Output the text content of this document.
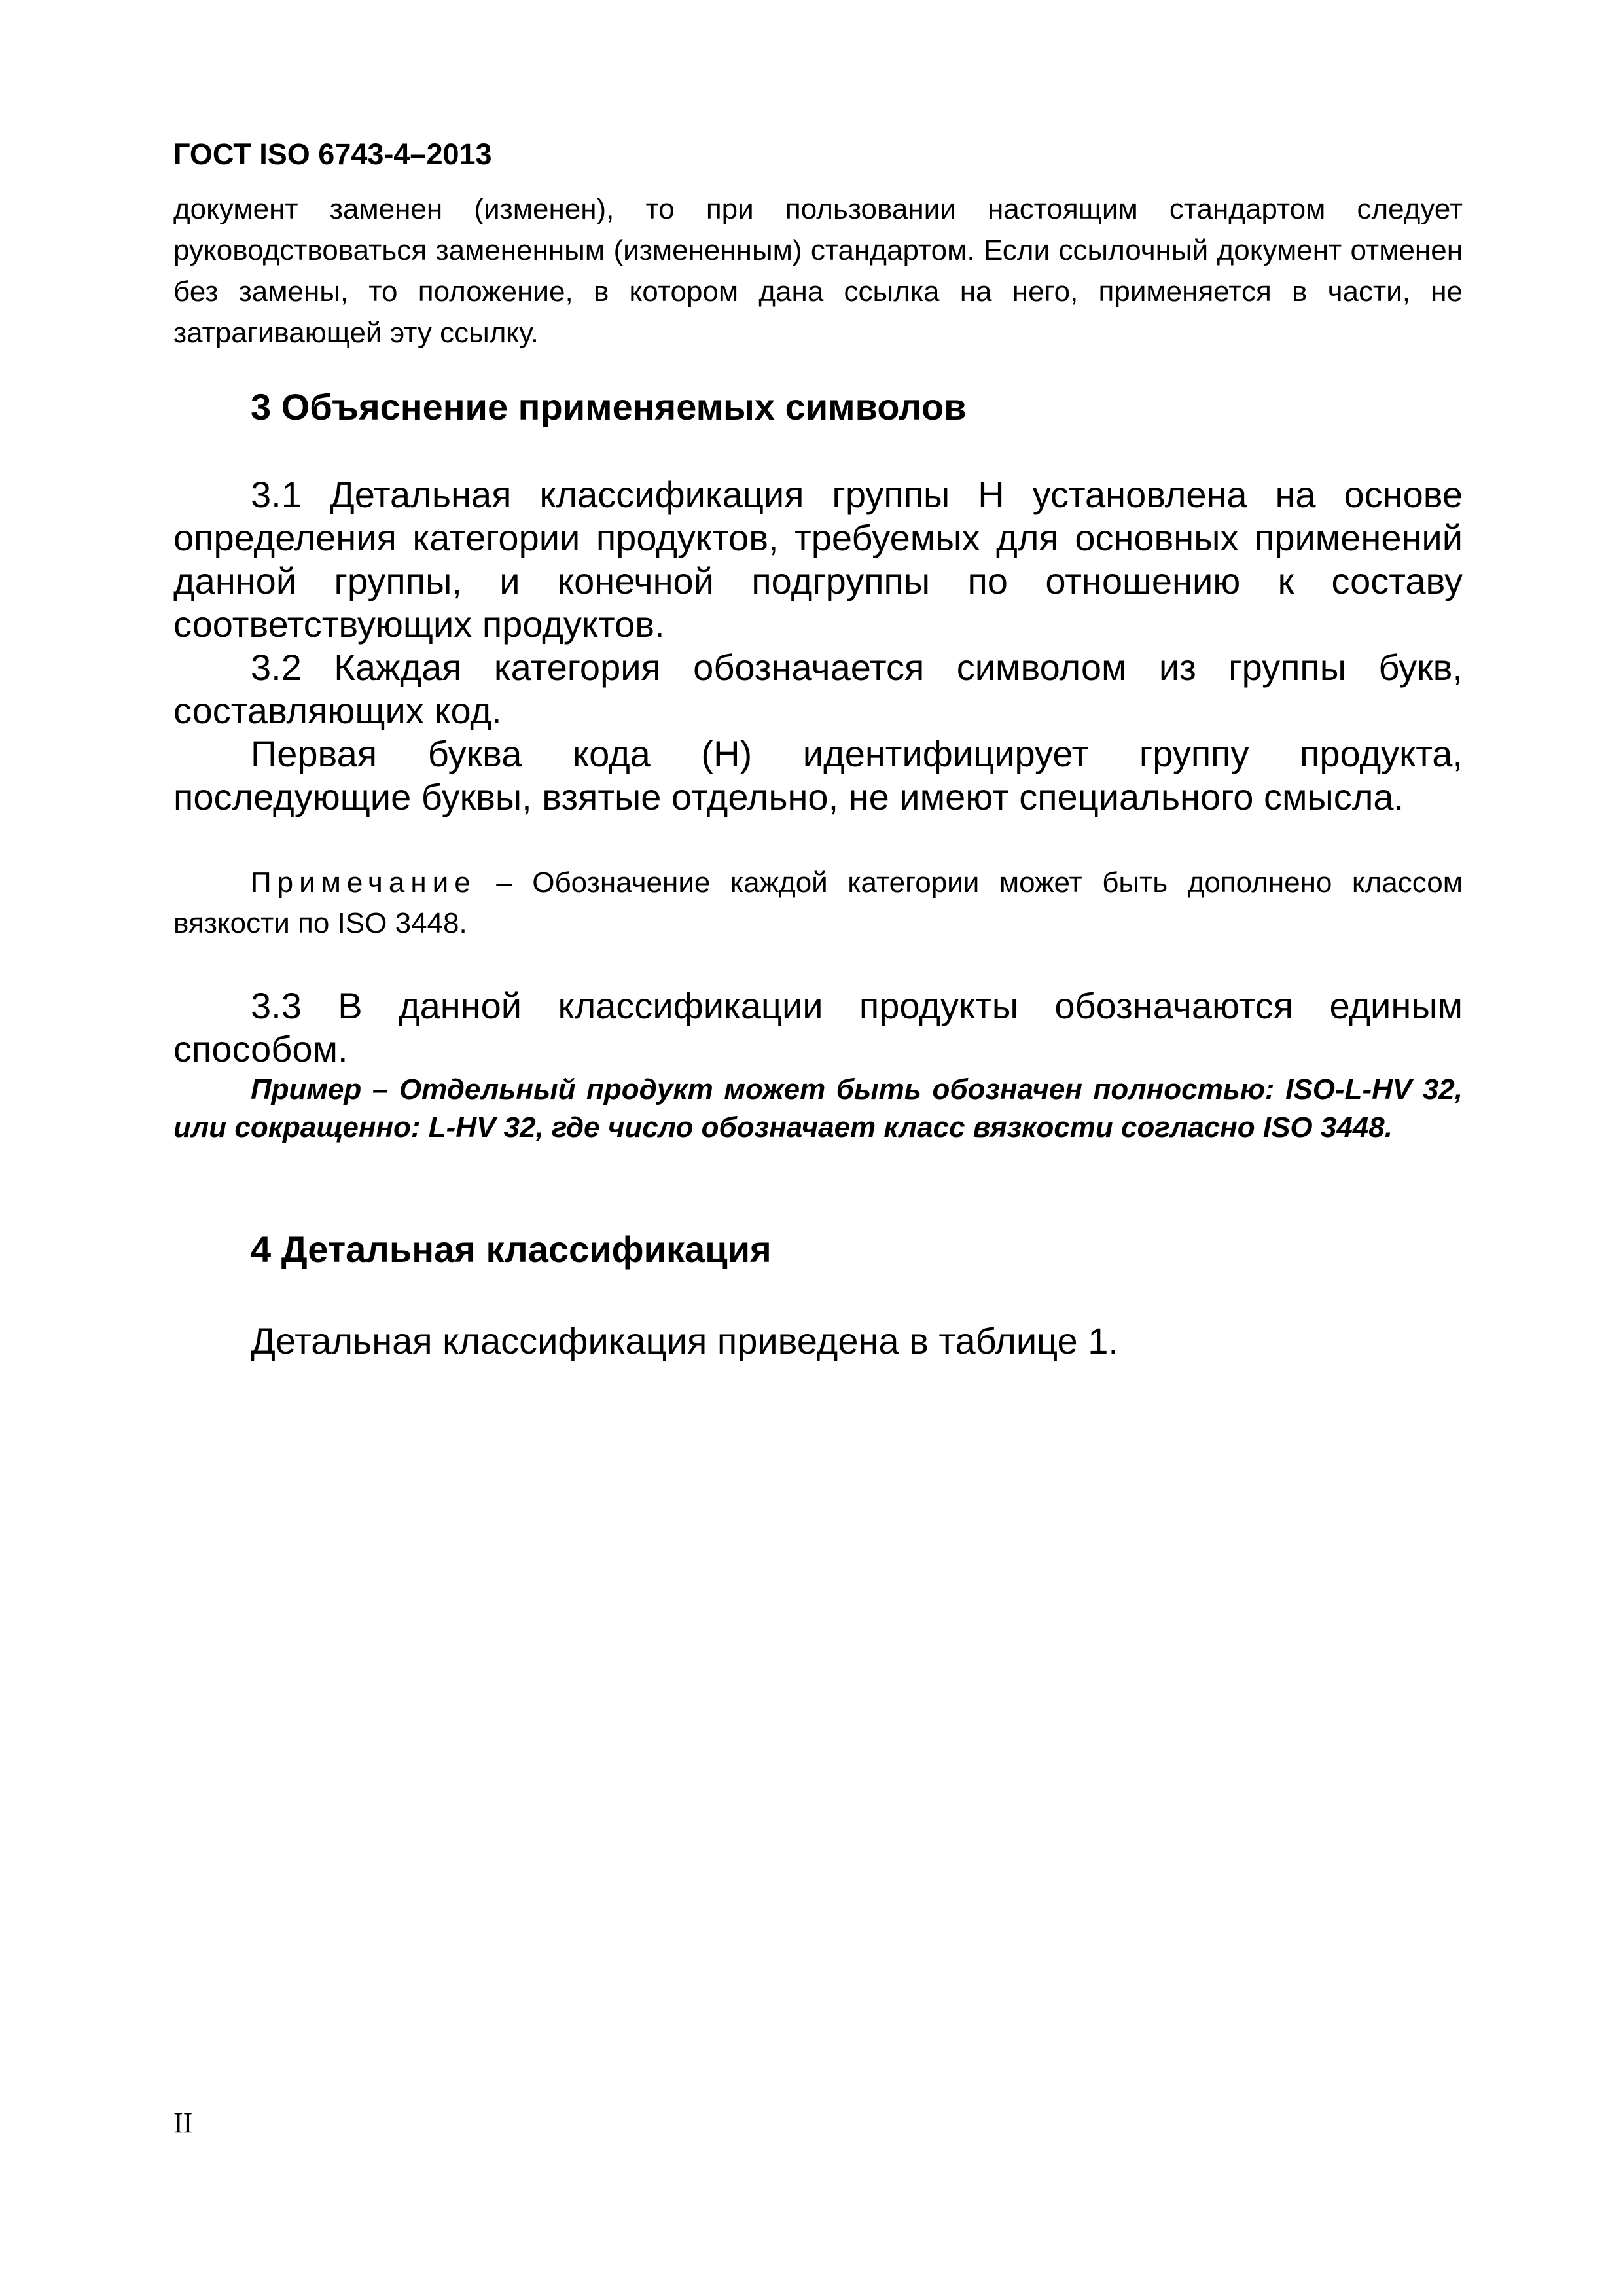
ГОСТ ISO 6743-4–2013
документ заменен (изменен), то при пользовании настоящим стандартом следует руководствоваться замененным (измененным) стандартом. Если ссылочный документ отменен без замены, то положение, в котором дана ссылка на него, применяется в части, не затрагивающей эту ссылку.
3 Объяснение применяемых символов

3.1 Детальная классификация группы Н установлена на основе определения категории продуктов, требуемых для основных применений данной группы, и конечной подгруппы по отношению к составу соответствующих продуктов.

3.2 Каждая категория обозначается символом из группы букв, составляющих код.

Первая буква кода (Н) идентифицирует группу продукта, последующие буквы, взятые отдельно, не имеют специального смысла.

Примечание – Обозначение каждой категории может быть дополнено классом вязкости по ISO 3448.

3.3 В данной классификации продукты обозначаются единым способом.

Пример – Отдельный продукт может быть обозначен полностью: ISO-L-HV 32, или сокращенно: L-HV 32, где число обозначает класс вязкости согласно ISO 3448.
4 Детальная классификация
Детальная классификация приведена в таблице 1.
II
